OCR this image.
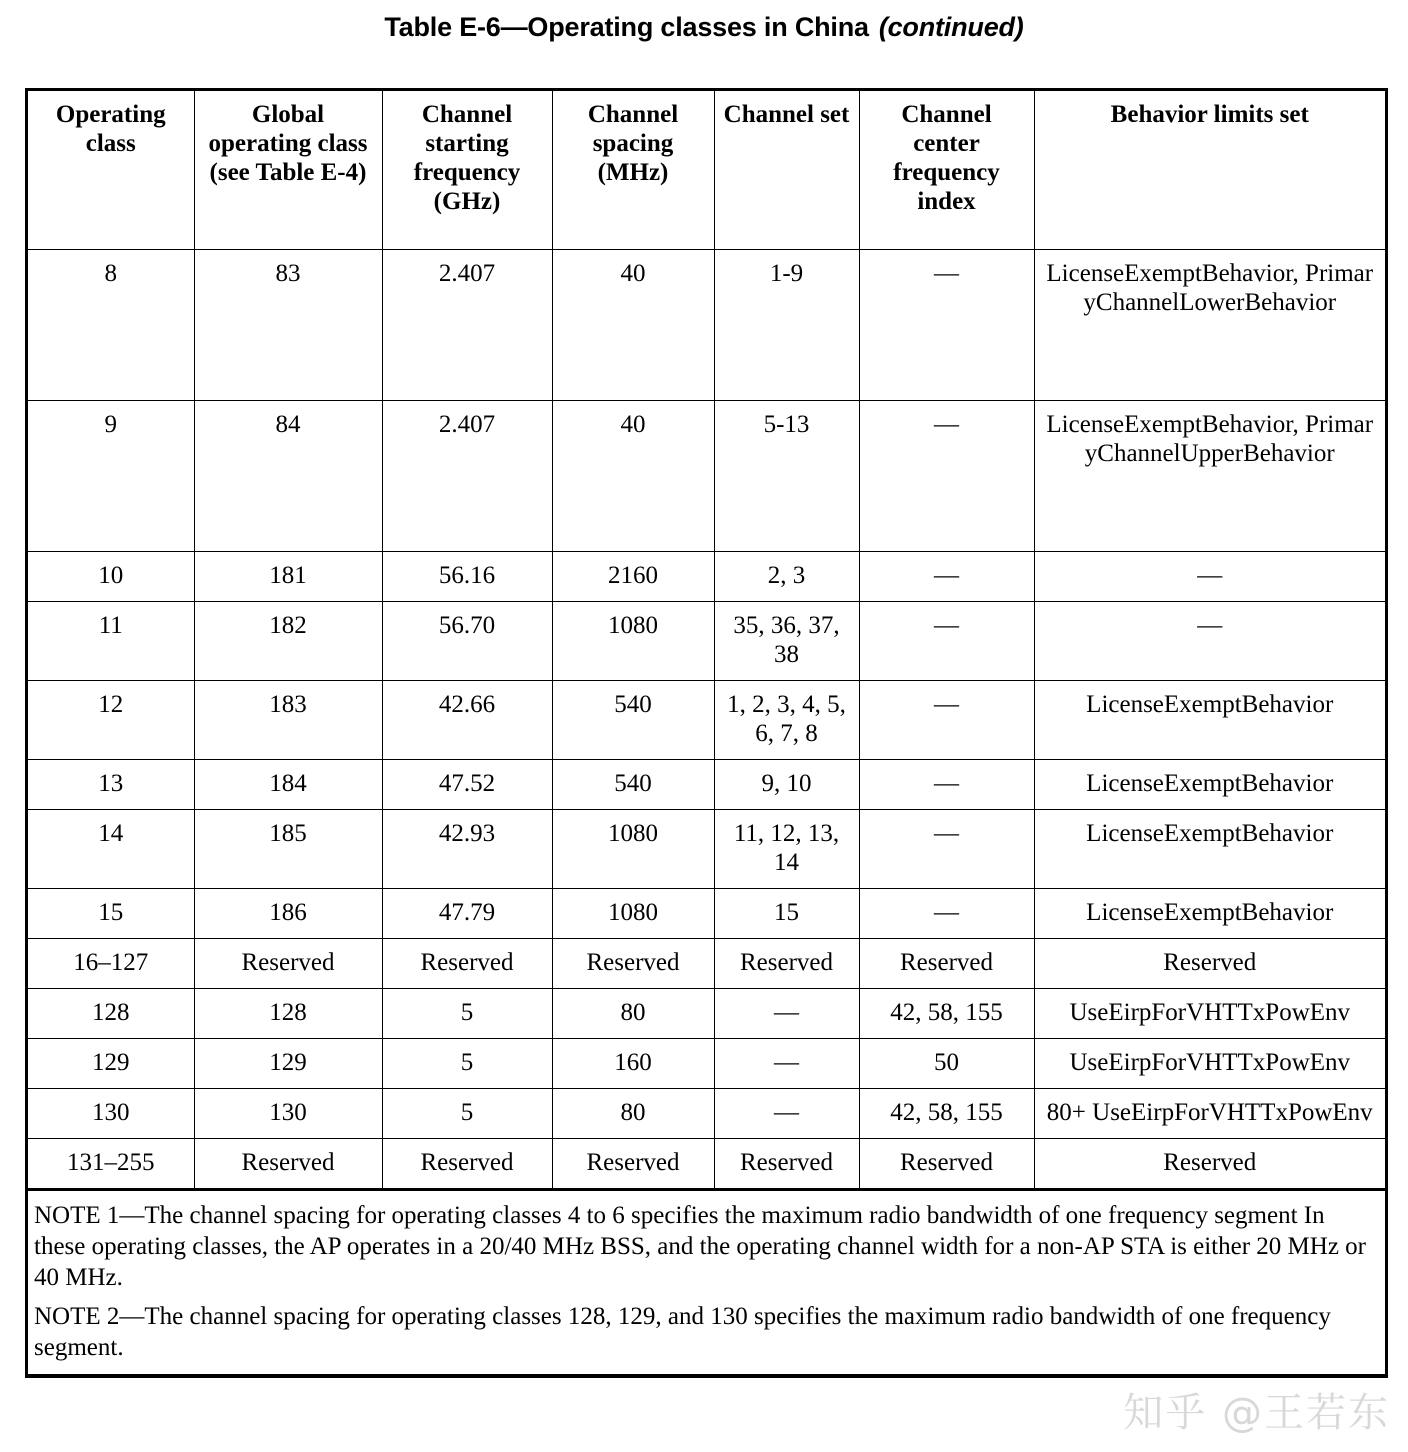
Table E-6—Operating classes in China (continued)
Operating class	Global operating class (see Table E-4)	Channel starting frequency (GHz)	Channel spacing (MHz)	Channel set	Channel center frequency index	Behavior limits set
8	83	2.407	40	1-9	—	LicenseExemptBehavior, PrimaryChannelLowerBehavior
9	84	2.407	40	5-13	—	LicenseExemptBehavior, PrimaryChannelUpperBehavior
10	181	56.16	2160	2, 3	—	—
11	182	56.70	1080	35, 36, 37, 38	—	—
12	183	42.66	540	1, 2, 3, 4, 5, 6, 7, 8	—	LicenseExemptBehavior
13	184	47.52	540	9, 10	—	LicenseExemptBehavior
14	185	42.93	1080	11, 12, 13, 14	—	LicenseExemptBehavior
15	186	47.79	1080	15	—	LicenseExemptBehavior
16–127	Reserved	Reserved	Reserved	Reserved	Reserved	Reserved
128	128	5	80	—	42, 58, 155	UseEirpForVHTTxPowEnv
129	129	5	160	—	50	UseEirpForVHTTxPowEnv
130	130	5	80	—	42, 58, 155	80+ UseEirpForVHTTxPowEnv
131–255	Reserved	Reserved	Reserved	Reserved	Reserved	Reserved

NOTE 1—The channel spacing for operating classes 4 to 6 specifies the maximum radio bandwidth of one frequency segment In these operating classes, the AP operates in a 20/40 MHz BSS, and the operating channel width for a non-AP STA is either 20 MHz or 40 MHz.

NOTE 2—The channel spacing for operating classes 128, 129, and 130 specifies the maximum radio bandwidth of one frequency segment.						

知乎 @王若东
